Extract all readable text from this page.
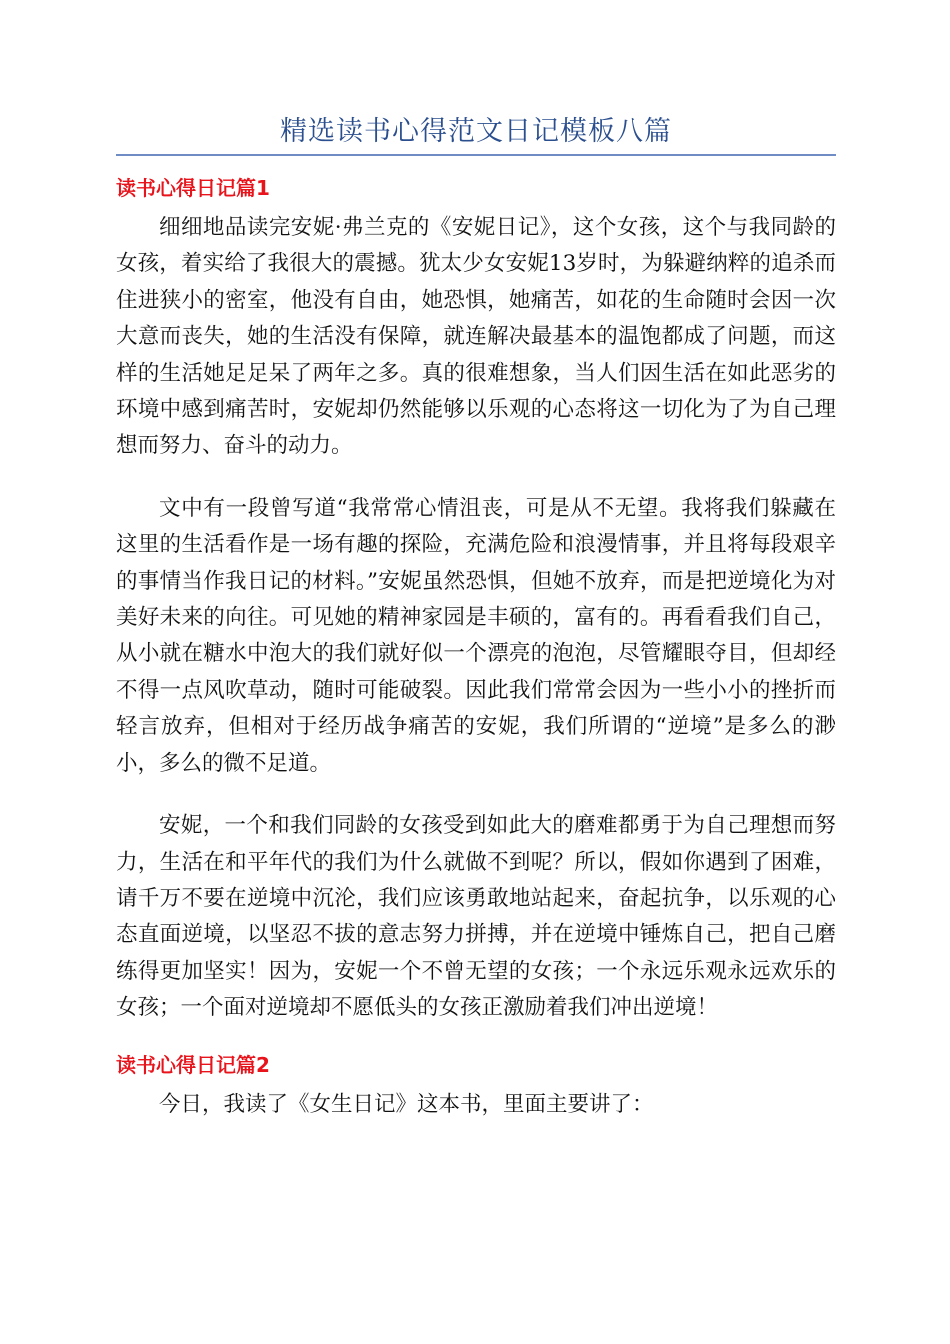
精选读书心得范文日记模板八篇
读书心得日记篇1

细细地品读完安妮·弗兰克的《安妮日记》，这个女孩，这个与我同龄的女孩，着实给了我很大的震撼。犹太少女安妮13岁时，为躲避纳粹的追杀而住进狭小的密室，他没有自由，她恐惧，她痛苦，如花的生命随时会因一次大意而丧失，她的生活没有保障，就连解决最基本的温饱都成了问题，而这样的生活她足足呆了两年之多。真的很难想象，当人们因生活在如此恶劣的环境中感到痛苦时，安妮却仍然能够以乐观的心态将这一切化为了为自己理想而努力、奋斗的动力。

文中有一段曾写道“我常常心情沮丧，可是从不无望。我将我们躲藏在这里的生活看作是一场有趣的探险，充满危险和浪漫情事，并且将每段艰辛的事情当作我日记的材料。”安妮虽然恐惧，但她不放弃，而是把逆境化为对美好未来的向往。可见她的精神家园是丰硕的，富有的。再看看我们自己，从小就在糖水中泡大的我们就好似一个漂亮的泡泡，尽管耀眼夺目，但却经不得一点风吹草动，随时可能破裂。因此我们常常会因为一些小小的挫折而轻言放弃，但相对于经历战争痛苦的安妮，我们所谓的“逆境”是多么的渺小，多么的微不足道。

安妮，一个和我们同龄的女孩受到如此大的磨难都勇于为自己理想而努力，生活在和平年代的我们为什么就做不到呢？所以，假如你遇到了困难，请千万不要在逆境中沉沦，我们应该勇敢地站起来，奋起抗争，以乐观的心态直面逆境，以坚忍不拔的意志努力拼搏，并在逆境中锤炼自己，把自己磨练得更加坚实！因为，安妮一个不曾无望的女孩；一个永远乐观永远欢乐的女孩；一个面对逆境却不愿低头的女孩正激励着我们冲出逆境！

读书心得日记篇2

今日，我读了《女生日记》这本书，里面主要讲了：
